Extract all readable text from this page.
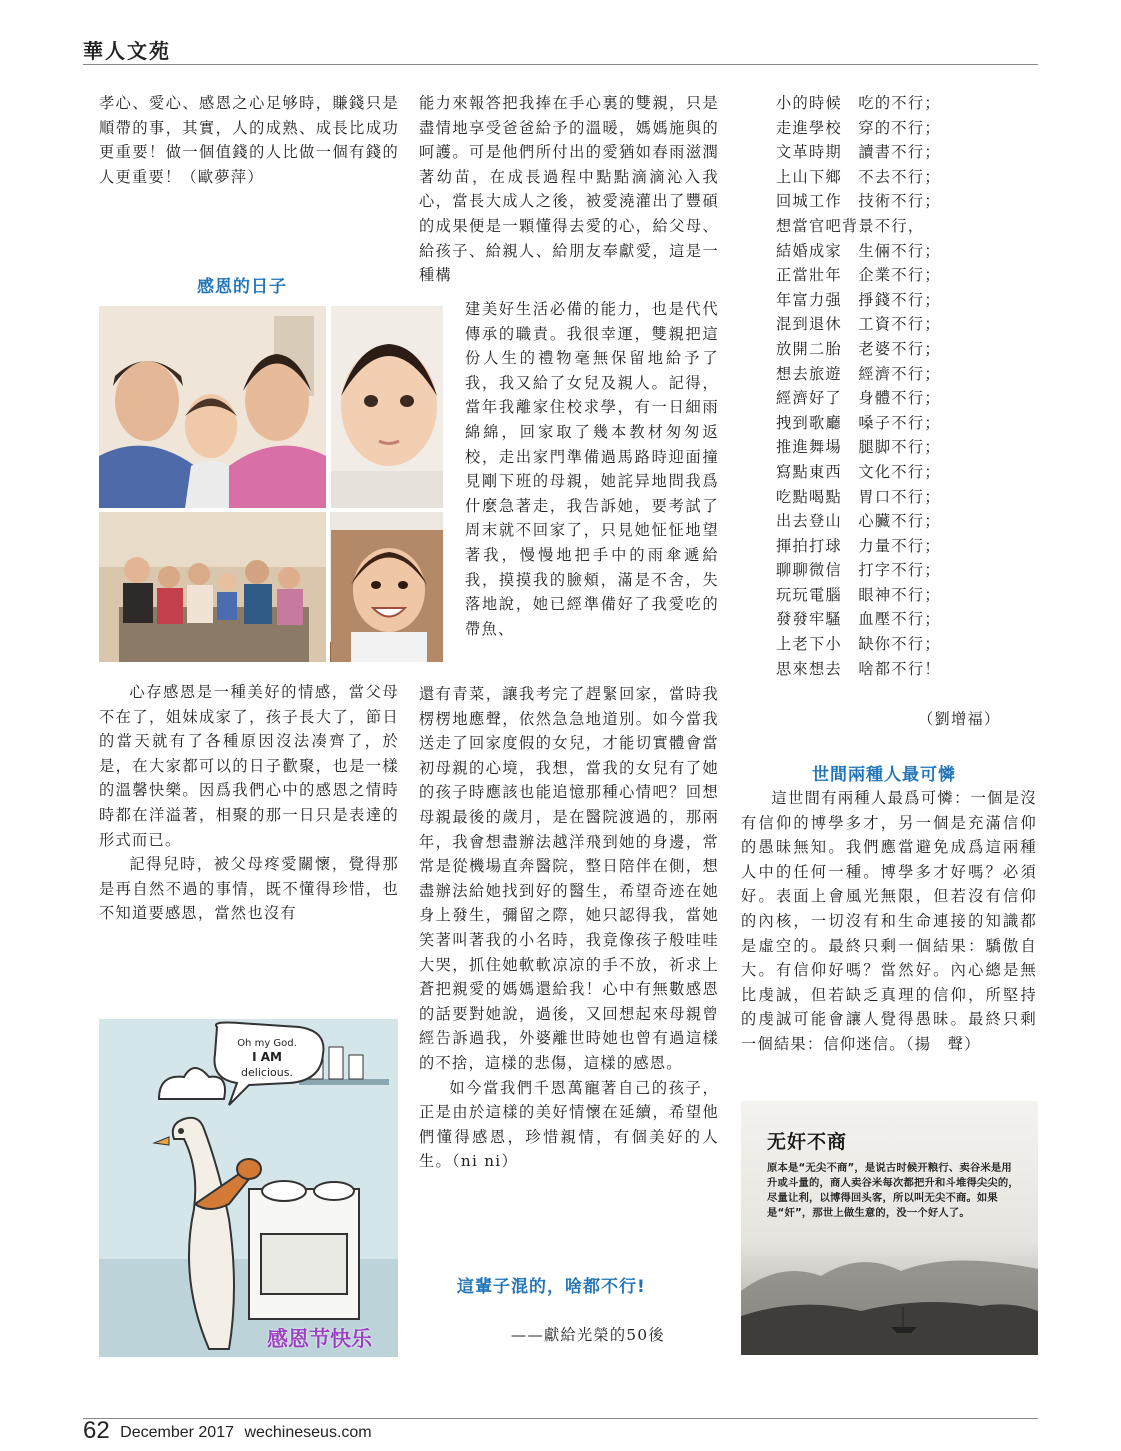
華人文苑

孝心、愛心、感恩之心足够時，賺錢只是順帶的事，其實，人的成熟、成長比成功更重要！做一個值錢的人比做一個有錢的人更重要！（歐夢萍）

感恩的日子

心存感恩是一種美好的情感，當父母不在了，姐妹成家了，孩子長大了，節日的當天就有了各種原因沒法凑齊了，於是，在大家都可以的日子歡聚，也是一樣的溫馨快樂。因爲我們心中的感恩之情時時都在洋溢著，相聚的那一日只是表達的形式而已。

記得兒時，被父母疼愛關懷，覺得那是再自然不過的事情，既不懂得珍惜，也不知道要感恩，當然也沒有

Oh my God.
I AM
delicious.
感恩节快乐

能力來報答把我捧在手心裏的雙親，只是盡情地享受爸爸給予的溫暖，媽媽施與的呵護。可是他們所付出的愛猶如春雨滋潤著幼苗，在成長過程中點點滴滴沁入我心，當長大成人之後，被愛澆灌出了豐碩的成果便是一顆懂得去愛的心，給父母、給孩子、給親人、給朋友奉獻愛，這是一種構

建美好生活必備的能力，也是代代傳承的職責。我很幸運，雙親把這份人生的禮物毫無保留地給予了我，我又給了女兒及親人。記得，當年我離家住校求學，有一日細雨綿綿，回家取了幾本教材匆匆返校，走出家門準備過馬路時迎面撞見剛下班的母親，她詫异地問我爲什麼急著走，我告訴她，要考試了周末就不回家了，只見她怔怔地望著我，慢慢地把手中的雨傘遞給我，摸摸我的臉頰，滿是不舍，失落地說，她已經準備好了我愛吃的帶魚、

還有青菜，讓我考完了趕緊回家，當時我楞楞地應聲，依然急急地道別。如今當我送走了回家度假的女兒，才能切實體會當初母親的心境，我想，當我的女兒有了她的孩子時應該也能追憶那種心情吧？回想母親最後的歲月，是在醫院渡過的，那兩年，我會想盡辦法越洋飛到她的身邊，常常是從機場直奔醫院，整日陪伴在側，想盡辦法給她找到好的醫生，希望奇迹在她身上發生，彌留之際，她只認得我，當她笑著叫著我的小名時，我竟像孩子般哇哇大哭，抓住她軟軟凉凉的手不放，祈求上蒼把親愛的媽媽還給我！心中有無數感恩的話要對她說，過後，又回想起來母親曾經告訴過我，外婆離世時她也曾有過這樣的不捨，這樣的悲傷，這樣的感恩。

如今當我們千恩萬寵著自己的孩子，正是由於這樣的美好情懷在延續，希望他們懂得感恩，珍惜親情，有個美好的人生。（ni ni）

這輩子混的，啥都不行!

——獻給光榮的50後

小的時候　吃的不行；
走進學校　穿的不行；
文革時期　讀書不行；
上山下鄉　不去不行；
回城工作　技術不行；
想當官吧背景不行，
結婚成家　生倆不行；
正當壯年　企業不行；
年富力强　掙錢不行；
混到退休　工資不行；
放開二胎　老婆不行；
想去旅遊　經濟不行；
經濟好了　身體不行；
拽到歌廳　嗓子不行；
推進舞場　腿脚不行；
寫點東西　文化不行；
吃點喝點　胃口不行；
出去登山　心臟不行；
揮拍打球　力量不行；
聊聊微信　打字不行；
玩玩電腦　眼神不行；
發發牢騷　血壓不行；
上老下小　缺你不行；
思來想去　啥都不行！

（劉增福）

世間兩種人最可憐

這世間有兩種人最爲可憐：一個是沒有信仰的博學多才，另一個是充滿信仰的愚昧無知。我們應當避免成爲這兩種人中的任何一種。博學多才好嗎？必須好。表面上會風光無限，但若沒有信仰的內核，一切沒有和生命連接的知識都是虛空的。最終只剩一個結果：驕傲自大。有信仰好嗎？當然好。內心總是無比虔誠，但若缺乏真理的信仰，所堅持的虔誠可能會讓人覺得愚昧。最終只剩一個結果：信仰迷信。（揚　聲）

无奸不商
原本是“无尖不商”，是说古时候开粮行、卖谷米是用升或斗量的，商人卖谷米每次都把升和斗堆得尖尖的，尽量让利，以博得回头客，所以叫无尖不商。如果是“奸”，那世上做生意的，没一个好人了。
62 December 2017 wechineseus.com
